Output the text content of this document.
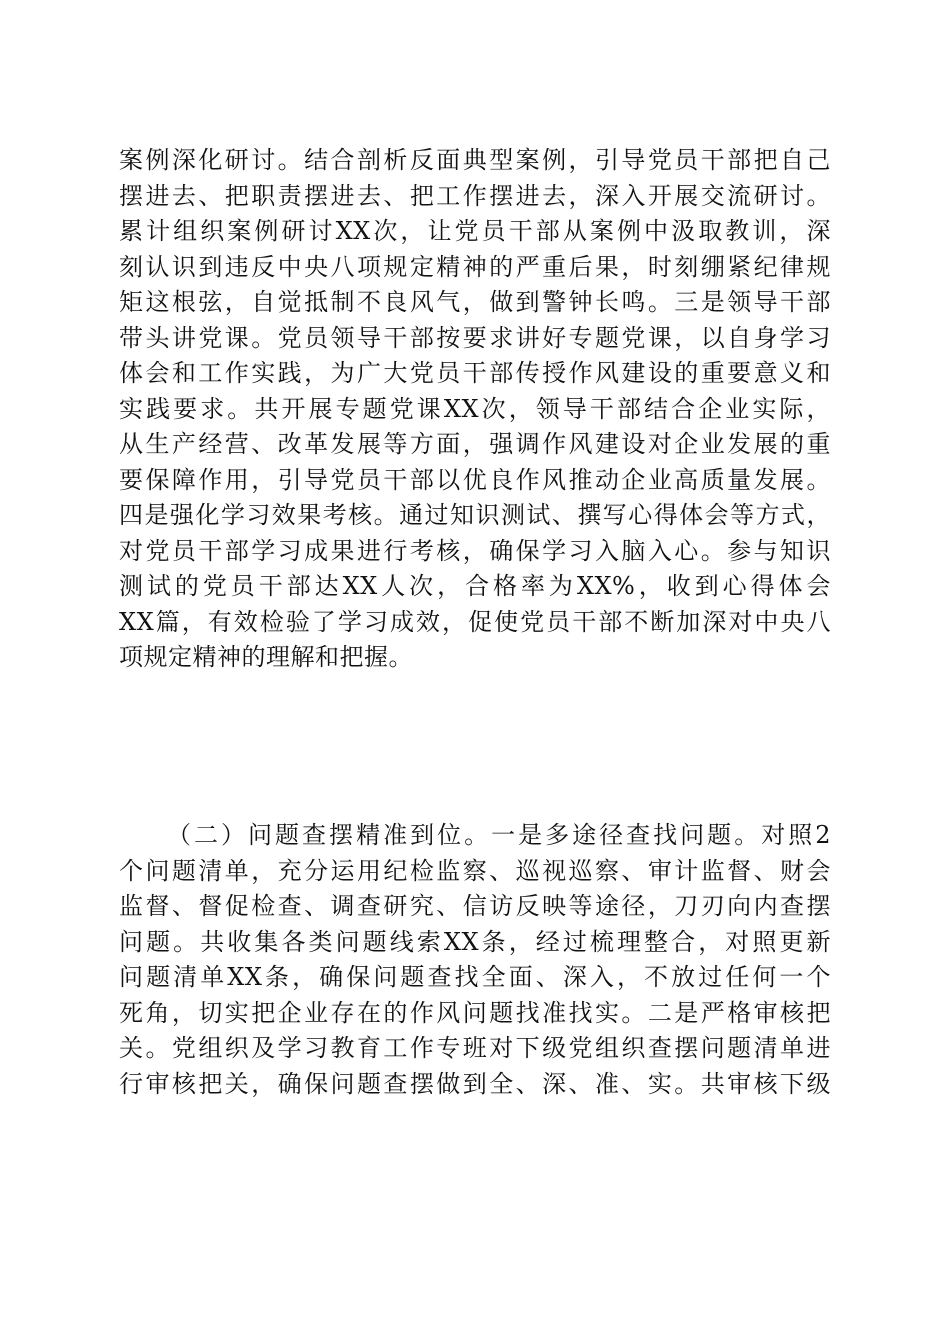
案例深化研讨。结合剖析反面典型案例，引导党员干部把自己
摆进去、把职责摆进去、把工作摆进去，深入开展交流研讨。
累计组织案例研讨XX次，让党员干部从案例中汲取教训，深
刻认识到违反中央八项规定精神的严重后果，时刻绷紧纪律规
矩这根弦，自觉抵制不良风气，做到警钟长鸣。三是领导干部
带头讲党课。党员领导干部按要求讲好专题党课，以自身学习
体会和工作实践，为广大党员干部传授作风建设的重要意义和
实践要求。共开展专题党课XX次，领导干部结合企业实际，
从生产经营、改革发展等方面，强调作风建设对企业发展的重
要保障作用，引导党员干部以优良作风推动企业高质量发展。
四是强化学习效果考核。通过知识测试、撰写心得体会等方式，
对党员干部学习成果进行考核，确保学习入脑入心。参与知识
测试的党员干部达XX人次，合格率为XX%，收到心得体会
XX篇，有效检验了学习成效，促使党员干部不断加深对中央八
项规定精神的理解和把握。
（二）问题查摆精准到位。一是多途径查找问题。对照2
个问题清单，充分运用纪检监察、巡视巡察、审计监督、财会
监督、督促检查、调查研究、信访反映等途径，刀刃向内查摆
问题。共收集各类问题线索XX条，经过梳理整合，对照更新
问题清单XX条，确保问题查找全面、深入，不放过任何一个
死角，切实把企业存在的作风问题找准找实。二是严格审核把
关。党组织及学习教育工作专班对下级党组织查摆问题清单进
行审核把关，确保问题查摆做到全、深、准、实。共审核下级
